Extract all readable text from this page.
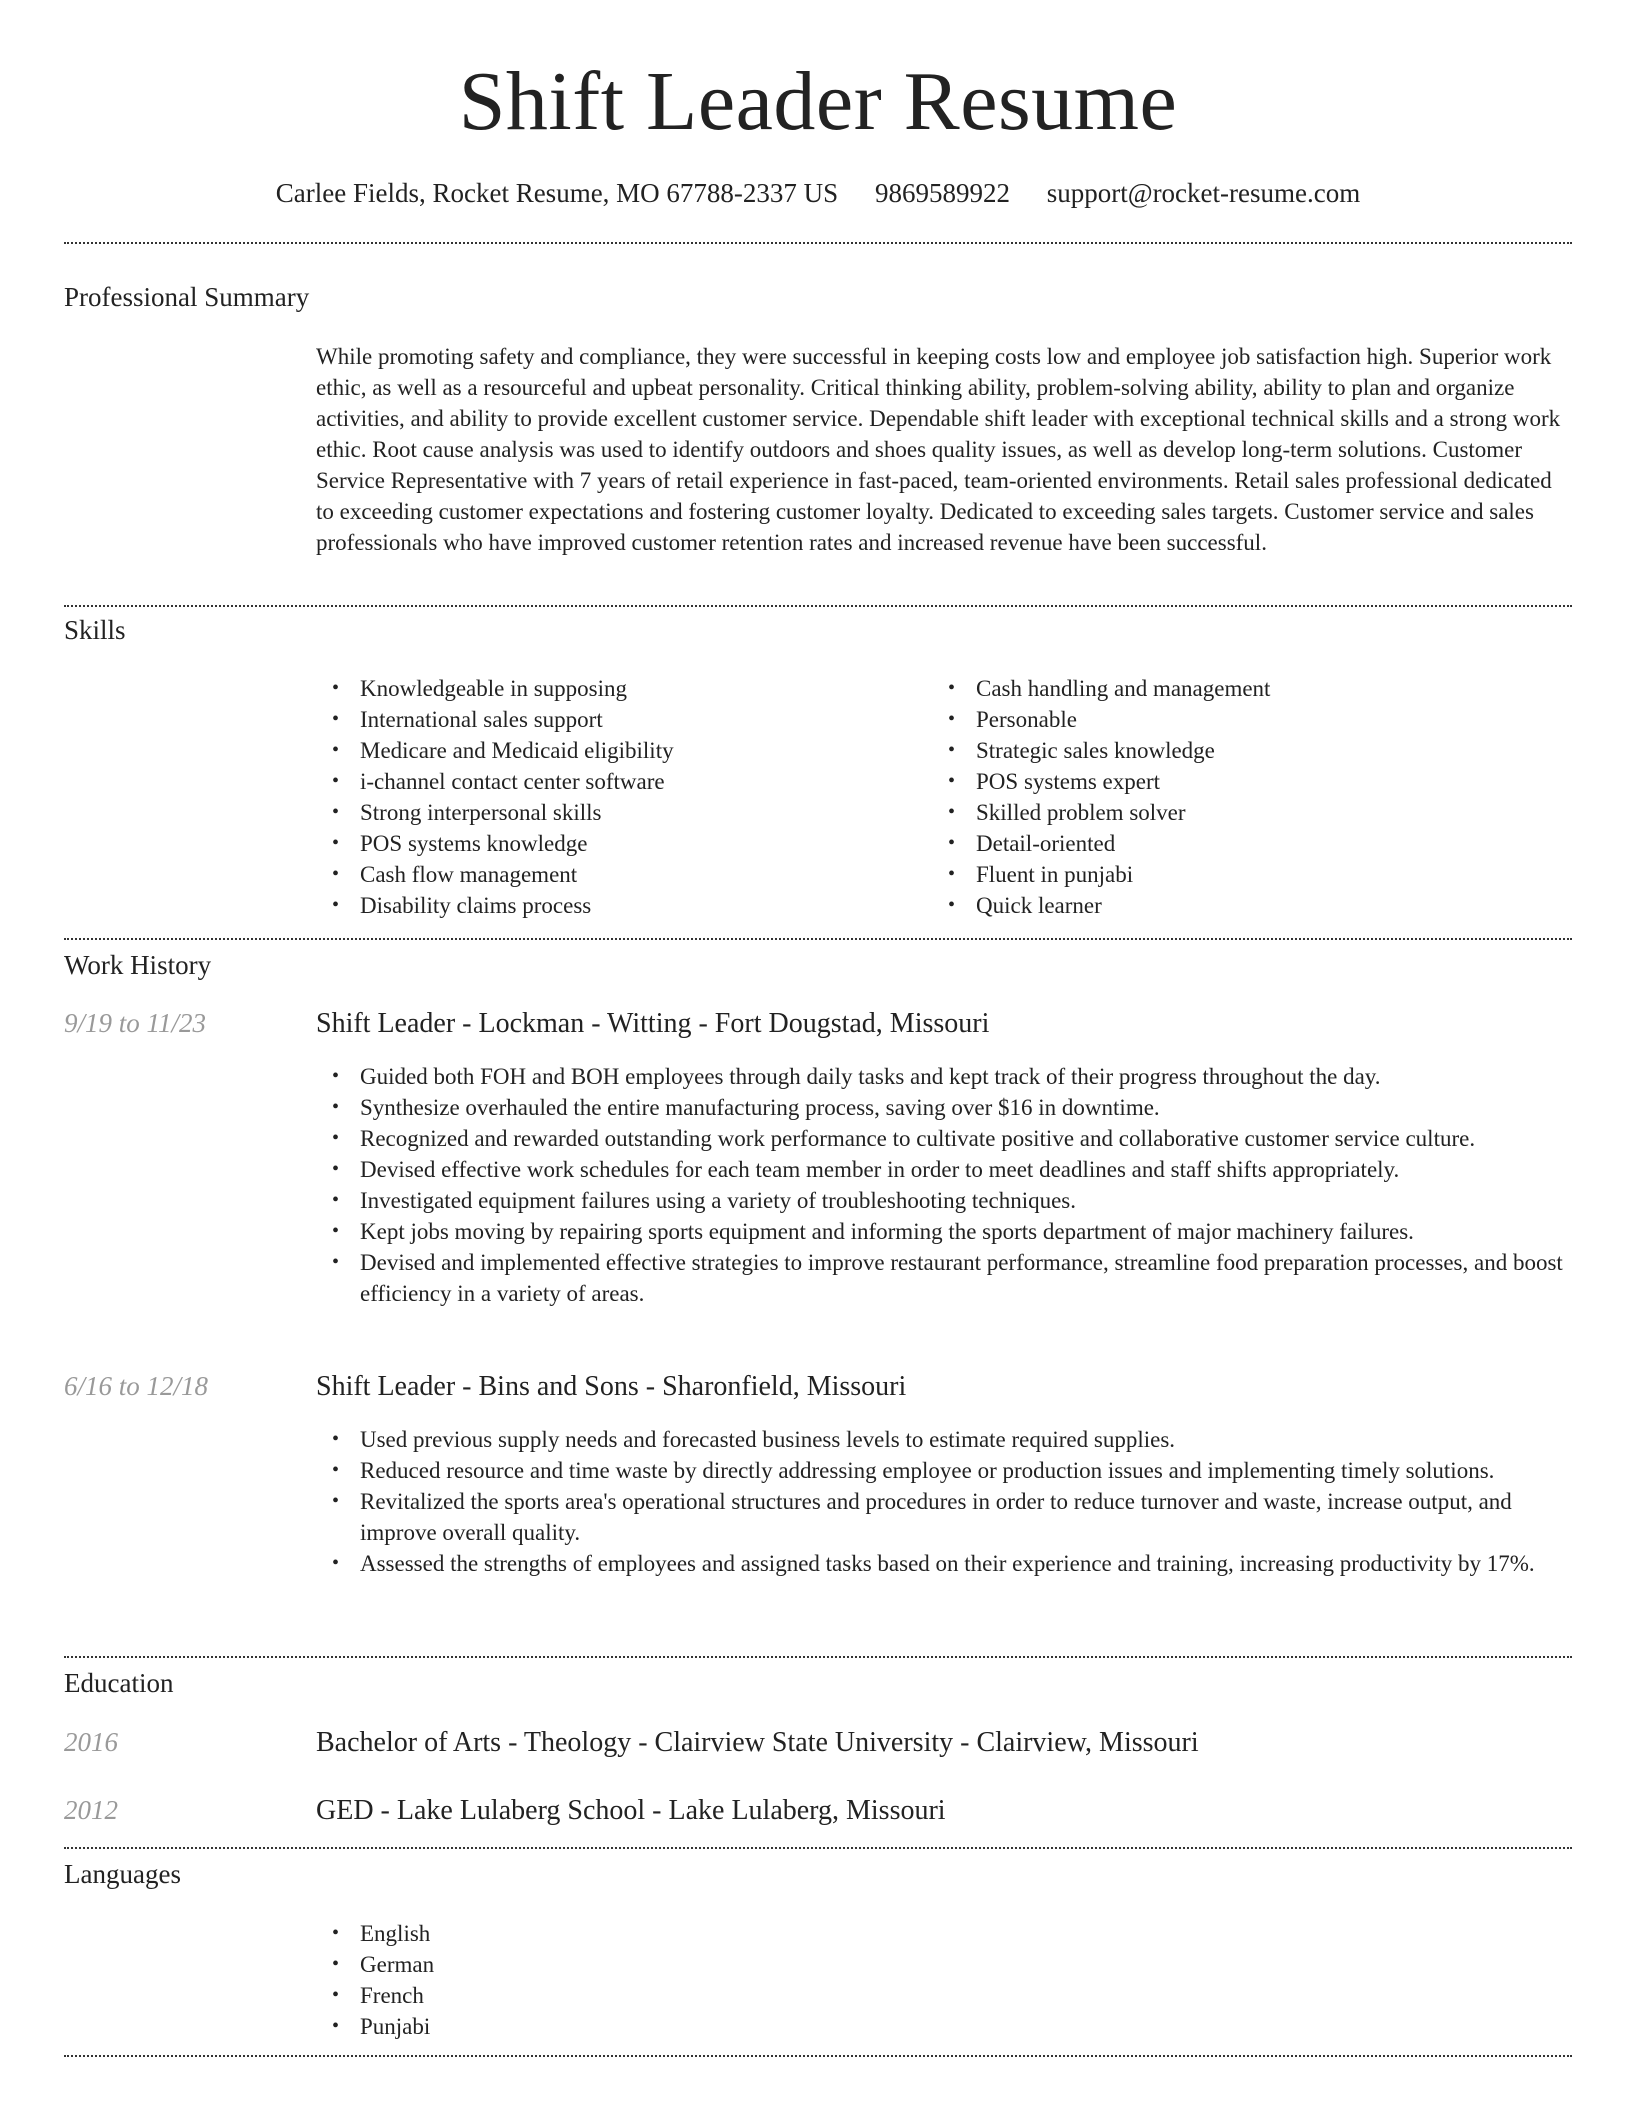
Shift Leader Resume
Carlee Fields, Rocket Resume, MO 67788-2337 US 9869589922 support@rocket-resume.com
Professional Summary
While promoting safety and compliance, they were successful in keeping costs low and employee job satisfaction high. Superior work ethic, as well as a resourceful and upbeat personality. Critical thinking ability, problem-solving ability, ability to plan and organize activities, and ability to provide excellent customer service. Dependable shift leader with exceptional technical skills and a strong work ethic. Root cause analysis was used to identify outdoors and shoes quality issues, as well as develop long-term solutions. Customer Service Representative with 7 years of retail experience in fast-paced, team-oriented environments. Retail sales professional dedicated to exceeding customer expectations and fostering customer loyalty. Dedicated to exceeding sales targets. Customer service and sales professionals who have improved customer retention rates and increased revenue have been successful.
Skills
• Knowledgeable in supposing
• International sales support
• Medicare and Medicaid eligibility
• i-channel contact center software
• Strong interpersonal skills
• POS systems knowledge
• Cash flow management
• Disability claims process
• Cash handling and management
• Personable
• Strategic sales knowledge
• POS systems expert
• Skilled problem solver
• Detail-oriented
• Fluent in punjabi
• Quick learner
Work History
9/19 to 11/23	Shift Leader - Lockman - Witting - Fort Dougstad, Missouri
• Guided both FOH and BOH employees through daily tasks and kept track of their progress throughout the day.
• Synthesize overhauled the entire manufacturing process, saving over $16 in downtime.
• Recognized and rewarded outstanding work performance to cultivate positive and collaborative customer service culture.
• Devised effective work schedules for each team member in order to meet deadlines and staff shifts appropriately.
• Investigated equipment failures using a variety of troubleshooting techniques.
• Kept jobs moving by repairing sports equipment and informing the sports department of major machinery failures.
• Devised and implemented effective strategies to improve restaurant performance, streamline food preparation processes, and boost efficiency in a variety of areas.
6/16 to 12/18	Shift Leader - Bins and Sons - Sharonfield, Missouri
• Used previous supply needs and forecasted business levels to estimate required supplies.
• Reduced resource and time waste by directly addressing employee or production issues and implementing timely solutions.
• Revitalized the sports area's operational structures and procedures in order to reduce turnover and waste, increase output, and improve overall quality.
• Assessed the strengths of employees and assigned tasks based on their experience and training, increasing productivity by 17%.
Education
2016	Bachelor of Arts - Theology - Clairview State University - Clairview, Missouri
2012	GED - Lake Lulaberg School - Lake Lulaberg, Missouri
Languages
• English
• German
• French
• Punjabi
